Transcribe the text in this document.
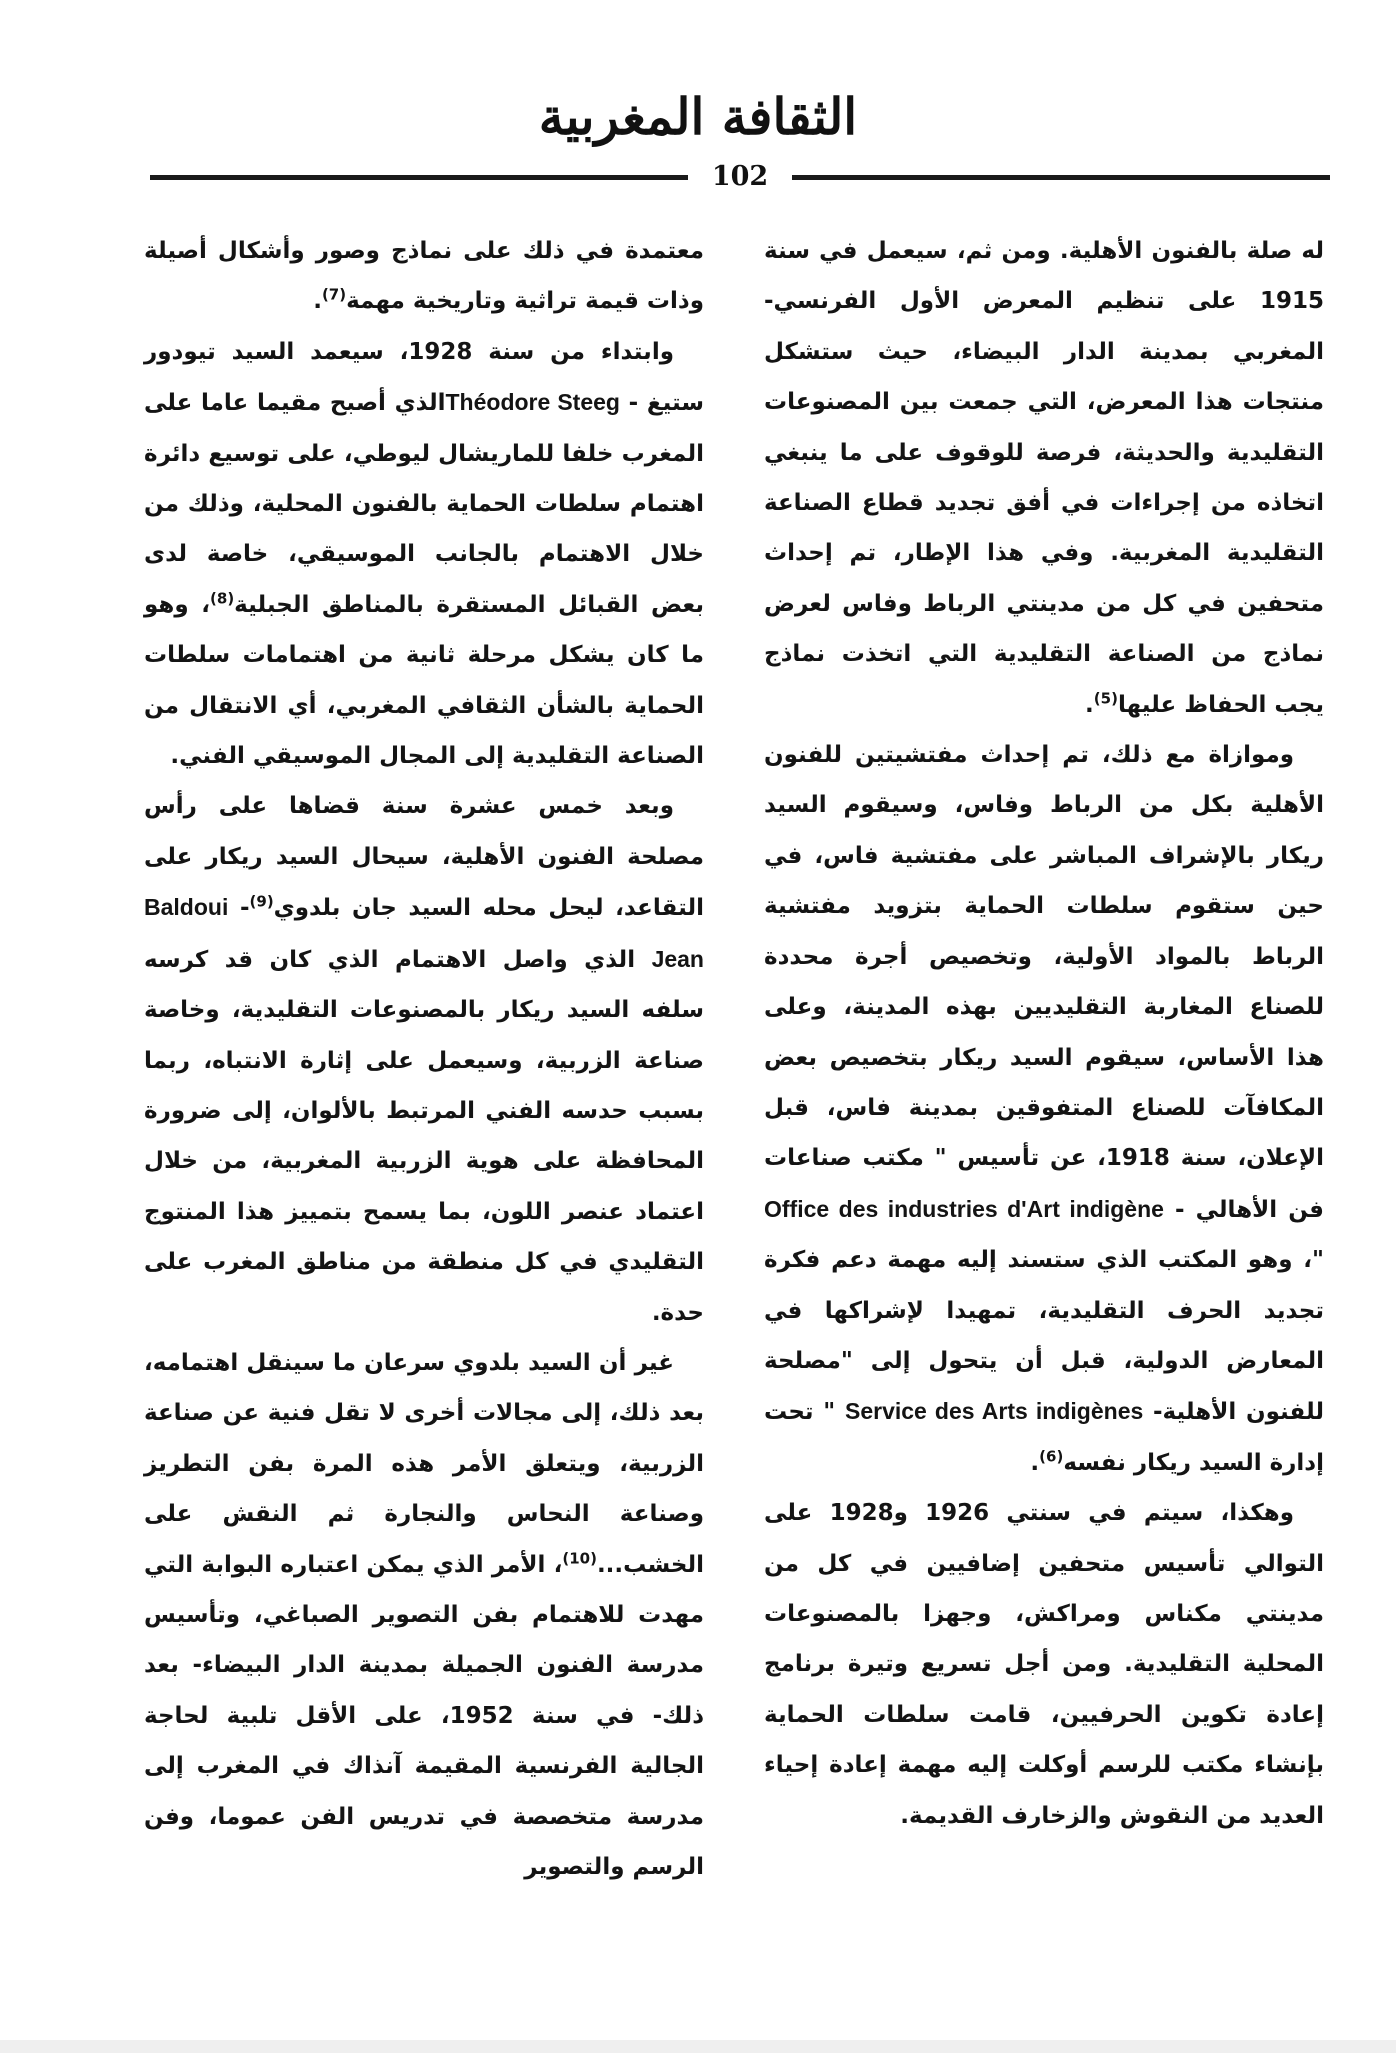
الثقافة المغربية
102

له صلة بالفنون الأهلية. ومن ثم، سيعمل في سنة 1915 على تنظيم المعرض الأول الفرنسي- المغربي بمدينة الدار البيضاء، حيث ستشكل منتجات هذا المعرض، التي جمعت بين المصنوعات التقليدية والحديثة، فرصة للوقوف على ما ينبغي اتخاذه من إجراءات في أفق تجديد قطاع الصناعة التقليدية المغربية. وفي هذا الإطار، تم إحداث متحفين في كل من مدينتي الرباط وفاس لعرض نماذج من الصناعة التقليدية التي اتخذت نماذج يجب الحفاظ عليها$^{(5)}$.

وموازاة مع ذلك، تم إحداث مفتشيتين للفنون الأهلية بكل من الرباط وفاس، وسيقوم السيد ريكار بالإشراف المباشر على مفتشية فاس، في حين ستقوم سلطات الحماية بتزويد مفتشية الرباط بالمواد الأولية، وتخصيص أجرة محددة للصناع المغاربة التقليديين بهذه المدينة، وعلى هذا الأساس، سيقوم السيد ريكار بتخصيص بعض المكافآت للصناع المتفوقين بمدينة فاس، قبل الإعلان، سنة 1918، عن تأسيس " مكتب صناعات فن الأهالي - Office des industries d'Art indigène "، وهو المكتب الذي ستسند إليه مهمة دعم فكرة تجديد الحرف التقليدية، تمهيدا لإشراكها في المعارض الدولية، قبل أن يتحول إلى "مصلحة للفنون الأهلية- Service des Arts indigènes " تحت إدارة السيد ريكار نفسه$^{(6)}$.

وهكذا، سيتم في سنتي 1926 و1928 على التوالي تأسيس متحفين إضافيين في كل من مدينتي مكناس ومراكش، وجهزا بالمصنوعات المحلية التقليدية. ومن أجل تسريع وتيرة برنامج إعادة تكوين الحرفيين، قامت سلطات الحماية بإنشاء مكتب للرسم أوكلت إليه مهمة إعادة إحياء العديد من النقوش والزخارف القديمة.

معتمدة في ذلك على نماذج وصور وأشكال أصيلة وذات قيمة تراثية وتاريخية مهمة$^{(7)}$.

وابتداء من سنة 1928، سيعمد السيد تيودور ستيغ - Théodore Steegالذي أصبح مقيما عاما على المغرب خلفا للماريشال ليوطي، على توسيع دائرة اهتمام سلطات الحماية بالفنون المحلية، وذلك من خلال الاهتمام بالجانب الموسيقي، خاصة لدى بعض القبائل المستقرة بالمناطق الجبلية$^{(8)}$، وهو ما كان يشكل مرحلة ثانية من اهتمامات سلطات الحماية بالشأن الثقافي المغربي، أي الانتقال من الصناعة التقليدية إلى المجال الموسيقي الفني.

وبعد خمس عشرة سنة قضاها على رأس مصلحة الفنون الأهلية، سيحال السيد ريكار على التقاعد، ليحل محله السيد جان بلدوي$^{(9)}$- Baldoui Jean الذي واصل الاهتمام الذي كان قد كرسه سلفه السيد ريكار بالمصنوعات التقليدية، وخاصة صناعة الزربية، وسيعمل على إثارة الانتباه، ربما بسبب حدسه الفني المرتبط بالألوان، إلى ضرورة المحافظة على هوية الزربية المغربية، من خلال اعتماد عنصر اللون، بما يسمح بتمييز هذا المنتوج التقليدي في كل منطقة من مناطق المغرب على حدة.

غير أن السيد بلدوي سرعان ما سينقل اهتمامه، بعد ذلك، إلى مجالات أخرى لا تقل فنية عن صناعة الزربية، ويتعلق الأمر هذه المرة بفن التطريز وصناعة النحاس والنجارة ثم النقش على الخشب...$^{(10)}$، الأمر الذي يمكن اعتباره البوابة التي مهدت للاهتمام بفن التصوير الصباغي، وتأسيس مدرسة الفنون الجميلة بمدينة الدار البيضاء- بعد ذلك- في سنة 1952، على الأقل تلبية لحاجة الجالية الفرنسية المقيمة آنذاك في المغرب إلى مدرسة متخصصة في تدريس الفن عموما، وفن الرسم والتصوير
